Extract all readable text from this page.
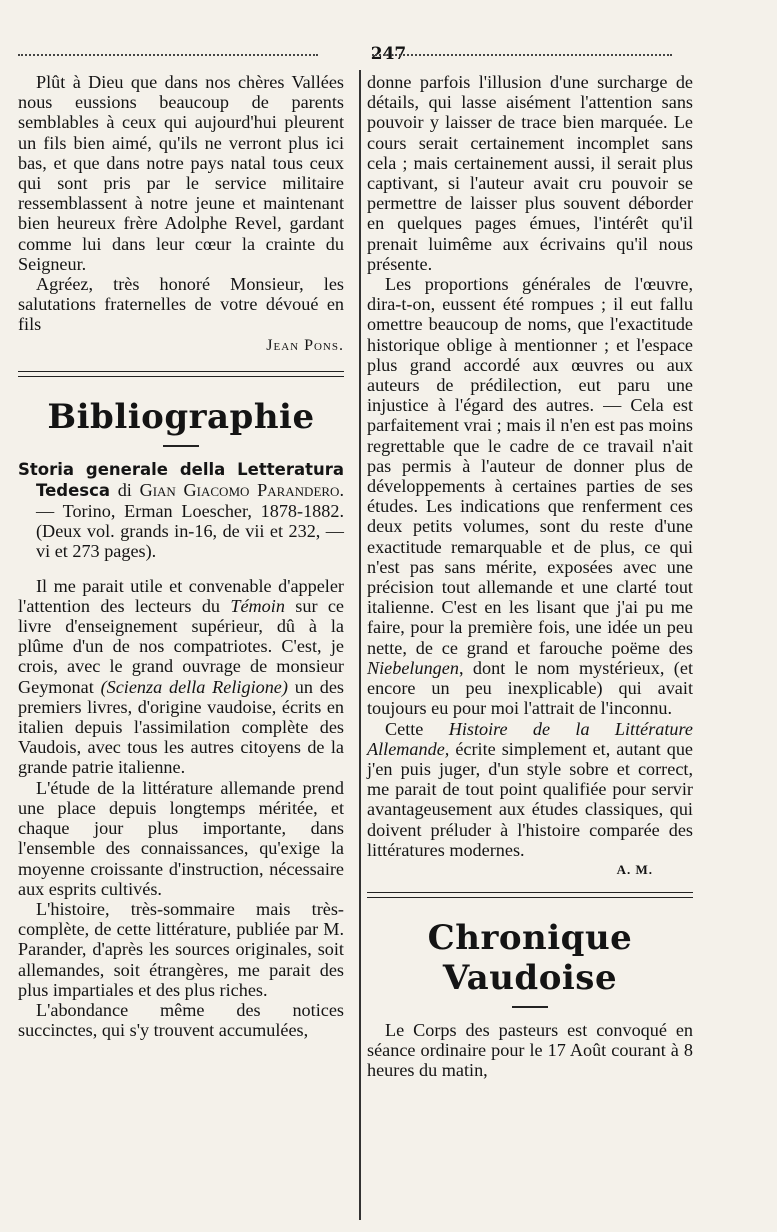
247

Plût à Dieu que dans nos chères Vallées nous eussions beaucoup de parents semblables à ceux qui aujourd'hui pleurent un fils bien aimé, qu'ils ne verront plus ici bas, et que dans notre pays natal tous ceux qui sont pris par le service militaire ressemblassent à notre jeune et maintenant bien heureux frère Adolphe Revel, gardant comme lui dans leur cœur la crainte du Seigneur.

Agréez, très honoré Monsieur, les salutations fraternelles de votre dévoué en fils

Jean Pons.
Bibliographie
Storia generale della Letteratura Tedesca di Gian Giacomo Parandero. — Torino, Erman Loescher, 1878-1882. (Deux vol. grands in-16, de vii et 232, — vi et 273 pages).

Il me parait utile et convenable d'appeler l'attention des lecteurs du Témoin sur ce livre d'enseignement supérieur, dû à la plûme d'un de nos compatriotes. C'est, je crois, avec le grand ouvrage de monsieur Geymonat (Scienza della Religione) un des premiers livres, d'origine vaudoise, écrits en italien depuis l'assimilation complète des Vaudois, avec tous les autres citoyens de la grande patrie italienne.

L'étude de la littérature allemande prend une place depuis longtemps méritée, et chaque jour plus importante, dans l'ensemble des connaissances, qu'exige la moyenne croissante d'instruction, nécessaire aux esprits cultivés.

L'histoire, très-sommaire mais très-complète, de cette littérature, publiée par M. Parander, d'après les sources originales, soit allemandes, soit étrangères, me parait des plus impartiales et des plus riches.

L'abondance même des notices succinctes, qui s'y trouvent accumulées,

donne parfois l'illusion d'une surcharge de détails, qui lasse aisément l'attention sans pouvoir y laisser de trace bien marquée. Le cours serait certainement incomplet sans cela ; mais certainement aussi, il serait plus captivant, si l'auteur avait cru pouvoir se permettre de laisser plus souvent déborder en quelques pages émues, l'intérêt qu'il prenait luimême aux écrivains qu'il nous présente.

Les proportions générales de l'œuvre, dira-t-on, eussent été rompues ; il eut fallu omettre beaucoup de noms, que l'exactitude historique oblige à mentionner ; et l'espace plus grand accordé aux œuvres ou aux auteurs de prédilection, eut paru une injustice à l'égard des autres. — Cela est parfaitement vrai ; mais il n'en est pas moins regrettable que le cadre de ce travail n'ait pas permis à l'auteur de donner plus de développements à certaines parties de ses études. Les indications que renferment ces deux petits volumes, sont du reste d'une exactitude remarquable et de plus, ce qui n'est pas sans mérite, exposées avec une précision tout allemande et une clarté tout italienne. C'est en les lisant que j'ai pu me faire, pour la première fois, une idée un peu nette, de ce grand et farouche poëme des Niebelungen, dont le nom mystérieux, (et encore un peu inexplicable) qui avait toujours eu pour moi l'attrait de l'inconnu.

Cette Histoire de la Littérature Allemande, écrite simplement et, autant que j'en puis juger, d'un style sobre et correct, me parait de tout point qualifiée pour servir avantageusement aux études classiques, qui doivent préluder à l'histoire comparée des littératures modernes.

A. M.
Chronique Vaudoise

Le Corps des pasteurs est convoqué en séance ordinaire pour le 17 Août courant à 8 heures du matin,
